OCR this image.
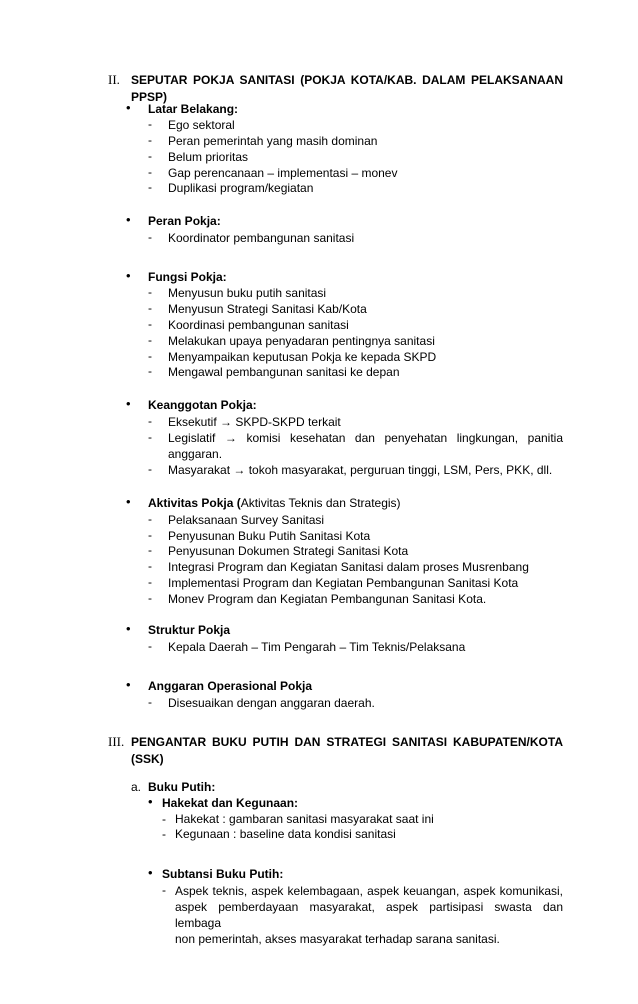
II. SEPUTAR POKJA SANITASI (POKJA KOTA/KAB. DALAM PELAKSANAAN
PPSP)
• Latar Belakang:
- Ego sektoral
- Peran pemerintah yang masih dominan
- Belum prioritas
- Gap perencanaan – implementasi – monev
- Duplikasi program/kegiatan
• Peran Pokja:
- Koordinator pembangunan sanitasi
• Fungsi Pokja:
- Menyusun buku putih sanitasi
- Menyusun Strategi Sanitasi Kab/Kota
- Koordinasi pembangunan sanitasi
- Melakukan upaya penyadaran pentingnya sanitasi
- Menyampaikan keputusan Pokja ke kepada SKPD
- Mengawal pembangunan sanitasi ke depan
• Keanggotan Pokja:
- Eksekutif → SKPD-SKPD terkait
- Legislatif → komisi kesehatan dan penyehatan lingkungan, panitia
anggaran.
- Masyarakat → tokoh masyarakat, perguruan tinggi, LSM, Pers, PKK, dll.
• Aktivitas Pokja (Aktivitas Teknis dan Strategis)
- Pelaksanaan Survey Sanitasi
- Penyusunan Buku Putih Sanitasi Kota
- Penyusunan Dokumen Strategi Sanitasi Kota
- Integrasi Program dan Kegiatan Sanitasi dalam proses Musrenbang
- Implementasi Program dan Kegiatan Pembangunan Sanitasi Kota
- Monev Program dan Kegiatan Pembangunan Sanitasi Kota.
• Struktur Pokja
- Kepala Daerah – Tim Pengarah – Tim Teknis/Pelaksana
• Anggaran Operasional Pokja
- Disesuaikan dengan anggaran daerah.
III. PENGANTAR BUKU PUTIH DAN STRATEGI SANITASI KABUPATEN/KOTA
(SSK)
a. Buku Putih:
• Hakekat dan Kegunaan:
- Hakekat : gambaran sanitasi masyarakat saat ini
- Kegunaan : baseline data kondisi sanitasi
• Subtansi Buku Putih:
- Aspek teknis, aspek kelembagaan, aspek keuangan, aspek komunikasi,
aspek pemberdayaan masyarakat, aspek partisipasi swasta dan lembaga
non pemerintah, akses masyarakat terhadap sarana sanitasi.
